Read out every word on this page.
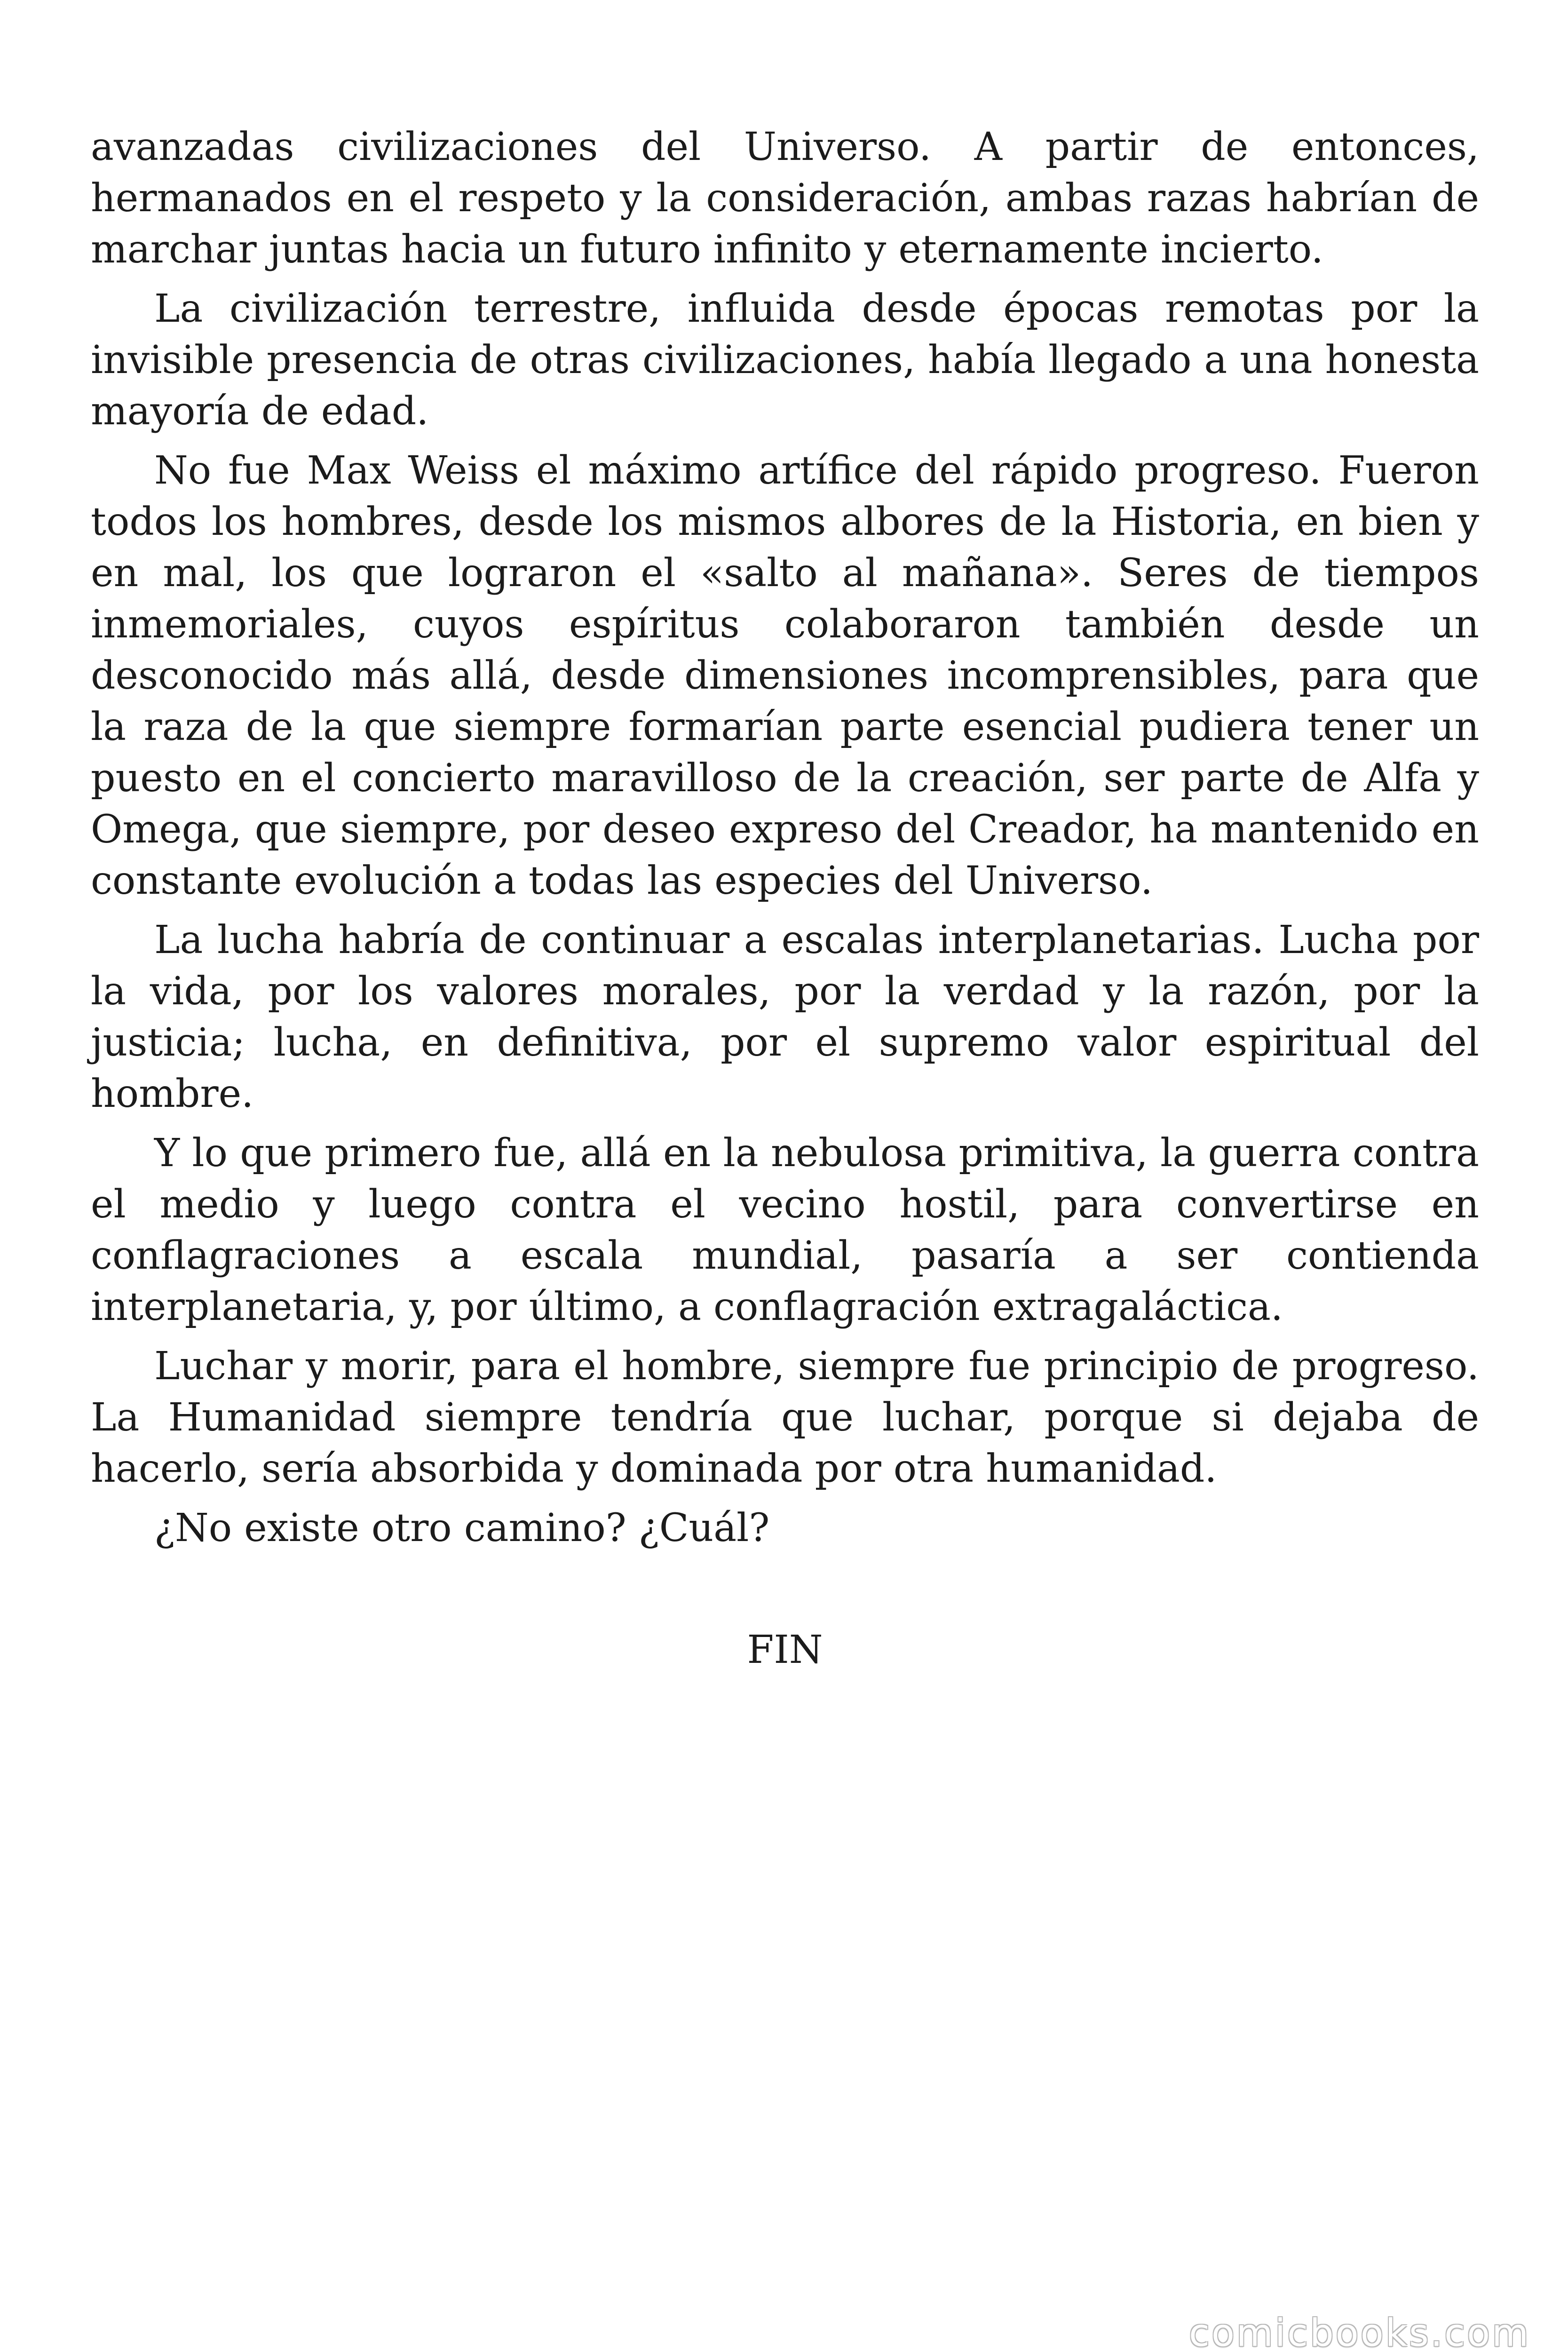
avanzadas civilizaciones del Universo. A partir de entonces, hermanados en el respeto y la consideración, ambas razas habrían de marchar juntas hacia un futuro infinito y eternamente incierto.

La civilización terrestre, influida desde épocas remotas por la invisible presencia de otras civilizaciones, había llegado a una honesta mayoría de edad.

No fue Max Weiss el máximo artífice del rápido progreso. Fueron todos los hombres, desde los mismos albores de la Historia, en bien y en mal, los que lograron el «salto al mañana». Seres de tiempos inmemoriales, cuyos espíritus colaboraron también desde un desconocido más allá, desde dimensiones incomprensibles, para que la raza de la que siempre formarían parte esencial pudiera tener un puesto en el concierto maravilloso de la creación, ser parte de Alfa y Omega, que siempre, por deseo expreso del Creador, ha mantenido en constante evolución a todas las especies del Universo.

La lucha habría de continuar a escalas interplanetarias. Lucha por la vida, por los valores morales, por la verdad y la razón, por la justicia; lucha, en definitiva, por el supremo valor espiritual del hombre.

Y lo que primero fue, allá en la nebulosa primitiva, la guerra contra el medio y luego contra el vecino hostil, para convertirse en conflagraciones a escala mundial, pasaría a ser contienda interplanetaria, y, por último, a conflagración extragaláctica.

Luchar y morir, para el hombre, siempre fue principio de progreso. La Humanidad siempre tendría que luchar, porque si dejaba de hacerlo, sería absorbida y dominada por otra humanidad.

¿No existe otro camino? ¿Cuál?

FIN

comicbooks.com
